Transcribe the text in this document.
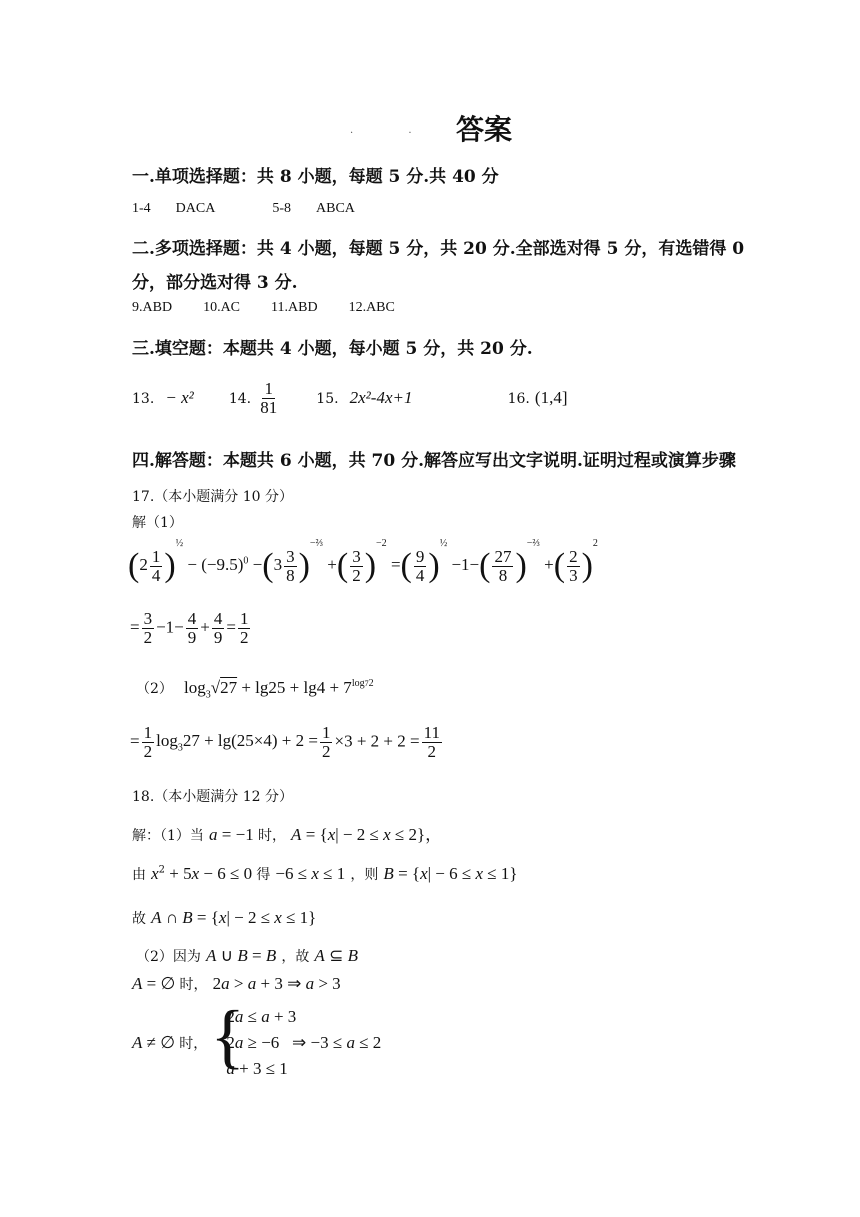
. . .
答案
一.单项选择题：共 8 小题，每题 5 分.共 40 分
1-4 DACA	5-8 ABCA
二.多项选择题：共 4 小题，每题 5 分，共 20 分.全部选对得 5 分，有选错得 0
分，部分选对得 3 分.
9.ABD 10.AC 11.ABD 12.ABC
三.填空题：本题共 4 小题，每小题 5 分，共 20 分.
13. − x²	14. $\frac{1}{81}$	15. 2x²-4x+1	16. (1,4]
四.解答题：本题共 6 小题，共 70 分.解答应写出文字说明.证明过程或演算步骤
17.（本小题满分 10 分）
解（1）
$(2 \frac{1}{4} )^{\frac{1}{2}} - (-9.5)^0 -(3 \frac{3}{8} )^{-\frac{2}{3}}$ +( $\frac{3}{2} )^{-2}$ =( $\frac{9}{4} )^{\frac{1}{2}} -1-( \frac{27}{8} )^{-\frac{2}{3}}$ +( $\frac{2}{3} )^2$
= $\frac{3}{2} -1- \frac{4}{9} + \frac{4}{9} = \frac{1}{2}$
（2） $\log_3√27 + \lg 25 + \lg 4 + 7^{log72}$
= $\frac{1}{2} \log_327 + \lg(25\times 4) + 2 = \frac{1}{2} \times 3 + 2 + 2 = \frac{11}{2}$
18.（本小题满分 12 分）
解：（1）当 a = −1 时， A = {x| − 2 ≤ x ≤ 2}，
由 $x^2 + 5x - 6 \le 0$ 得 −6 ≤ x ≤ 1 ，则 B = {x| − 6 ≤ x ≤ 1}
故 A ∩ B = {x| − 2 ≤ x ≤ 1}
（2）因为 A ∪ B = B ，故 A ⊆ B
A = ∅ 时， 2a > a + 3 ⇒ a > 3
A ≠ ∅ 时，
{ 2a ≤ a + 3
2a ≥ −6   ⇒ −3 ≤ a ≤ 2
a + 3 ≤ 1
